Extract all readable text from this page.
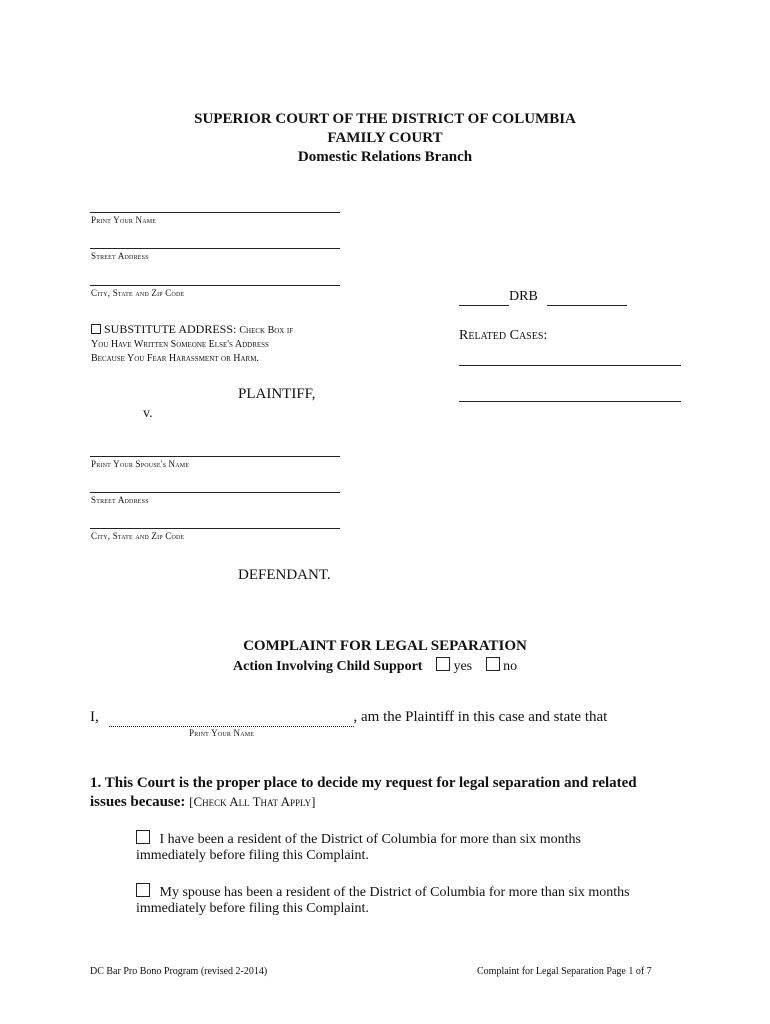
SUPERIOR COURT OF THE DISTRICT OF COLUMBIA
FAMILY COURT
Domestic Relations Branch
Print Your Name
Street Address
City, State and Zip Code
SUBSTITUTE ADDRESS: Check Box if
You Have Written Someone Else's Address
Because You Fear Harassment or Harm.
PLAINTIFF,
v.
DRB
Related Cases:
Print Your Spouse's Name
Street Address
City, State and Zip Code
DEFENDANT.
COMPLAINT FOR LEGAL SEPARATION
Action Involving Child Support yes no
I,	, am the Plaintiff in this case and state that
Print Your Name
1. This Court is the proper place to decide my request for legal separation and related
issues because: [Check All That Apply]
I have been a resident of the District of Columbia for more than six months
immediately before filing this Complaint.
My spouse has been a resident of the District of Columbia for more than six months
immediately before filing this Complaint.
DC Bar Pro Bono Program (revised 2-2014)	Complaint for Legal Separation Page 1 of 7
